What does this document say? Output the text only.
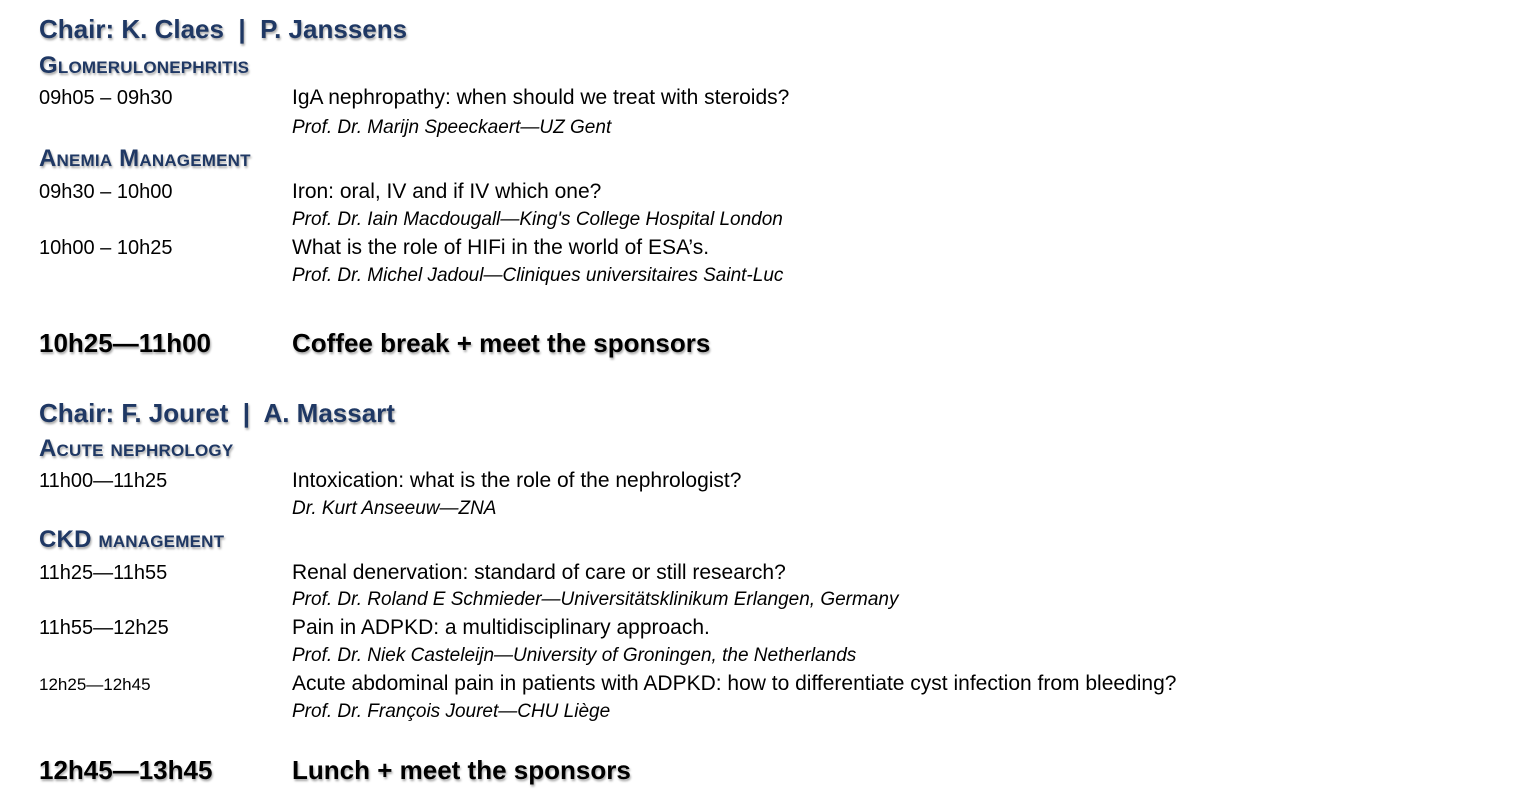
Chair: K. Claes  |  P. Janssens
Glomerulonephritis
09h05 – 09h30	IgA nephropathy: when should we treat with steroids?
Prof. Dr. Marijn Speeckaert—UZ Gent
Anemia Management
09h30 – 10h00	Iron: oral, IV and if IV which one?
Prof. Dr. Iain Macdougall—King's College Hospital London
10h00 – 10h25	What is the role of HIFi in the world of ESA’s.
Prof. Dr. Michel Jadoul—Cliniques universitaires Saint-Luc
10h25—11h00	Coffee break + meet the sponsors
Chair: F. Jouret  |  A. Massart
Acute nephrology
11h00—11h25	Intoxication: what is the role of the nephrologist?
Dr. Kurt Anseeuw—ZNA
CKD management
11h25—11h55	Renal denervation: standard of care or still research?
Prof. Dr. Roland E Schmieder—Universitätsklinikum Erlangen, Germany
11h55—12h25	Pain in ADPKD: a multidisciplinary approach.
Prof. Dr. Niek Casteleijn—University of Groningen, the Netherlands
12h25—12h45	Acute abdominal pain in patients with ADPKD: how to differentiate cyst infection from bleeding?
Prof. Dr. François Jouret—CHU Liège
12h45—13h45	Lunch + meet the sponsors
